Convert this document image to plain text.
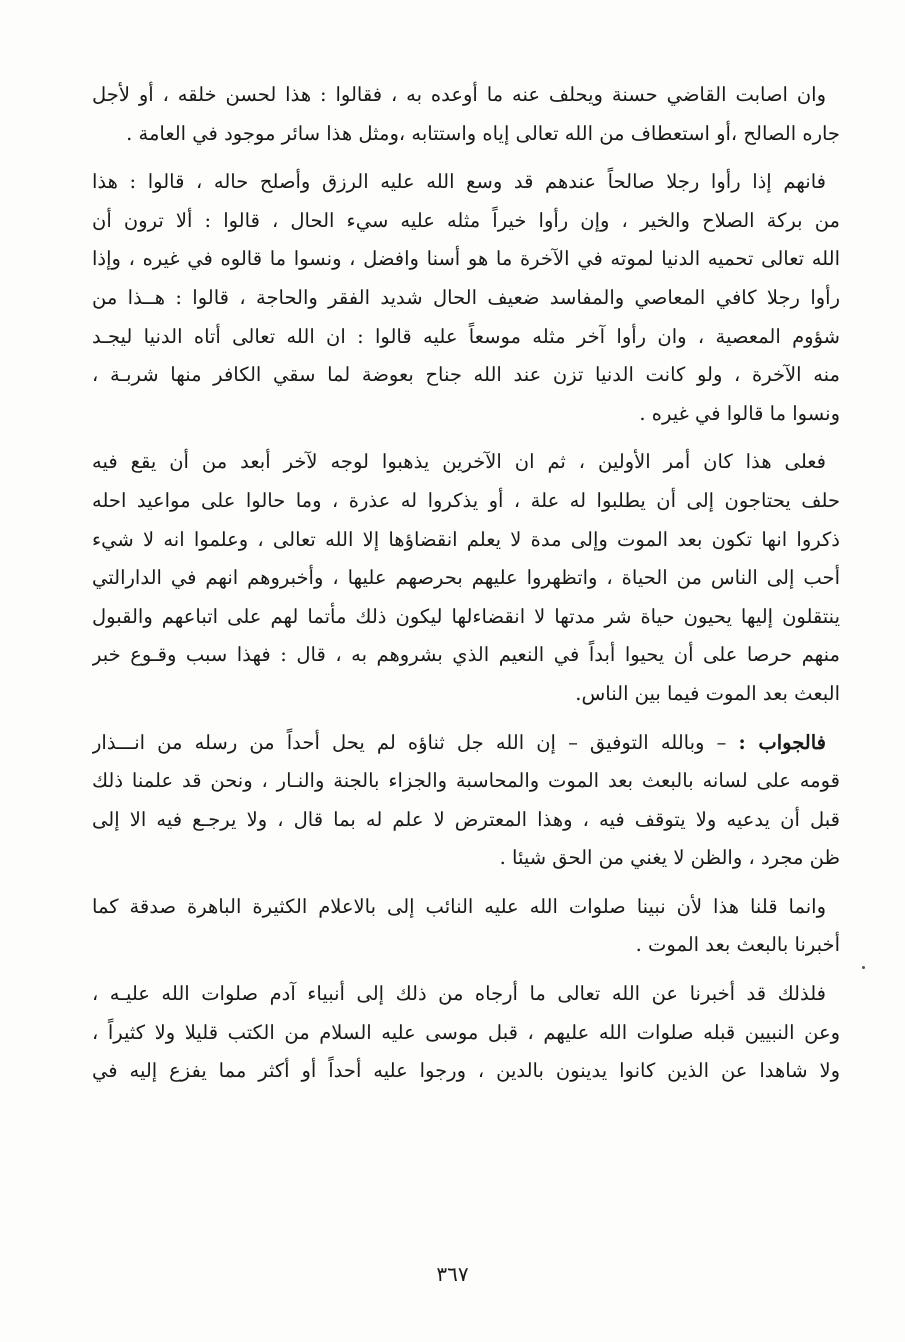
وان اصابت القاضي حسنة ويحلف عنه ما أوعده به ، فقالوا : هذا لحسن خلقه ، أو لأجل
جاره الصالح ،أو استعطاف من الله تعالى إياه واستتابه ،ومثل هذا سائر موجود في العامة .

فانهم إذا رأوا رجلا صالحاً عندهم قد وسع الله عليه الرزق وأصلح حاله ، قالوا : هذا
من بركة الصلاح والخير ، وإن رأوا خيراً مثله عليه سيء الحال ، قالوا : ألا ترون أن
الله تعالى تحميه الدنيا لموته في الآخرة ما هو أسنا وافضل ، ونسوا ما قالوه في غيره ، وإذا
رأوا رجلا كافي المعاصي والمفاسد ضعيف الحال شديد الفقر والحاجة ، قالوا : هــذا من
شؤوم المعصية ، وان رأوا آخر مثله موسعاً عليه قالوا : ان الله تعالى أتاه الدنيا ليجـد
منه الآخرة ، ولو كانت الدنيا تزن عند الله جناح بعوضة لما سقي الكافر منها شربـة ،
ونسوا ما قالوا في غيره .

فعلى هذا كان أمر الأولين ، ثم ان الآخرين يذهبوا لوجه لآخر أبعد من أن يقع فيه
حلف يحتاجون إلى أن يطلبوا له علة ، أو يذكروا له عذرة ، وما حالوا على مواعيد احله
ذكروا انها تكون بعد الموت وإلى مدة لا يعلم انقضاؤها إلا الله تعالى ، وعلموا انه لا شيء
أحب إلى الناس من الحياة ، واتظهروا عليهم بحرصهم عليها ، وأخبروهم انهم في الدارالتي
ينتقلون إليها يحيون حياة شر مدتها لا انقضاءلها ليكون ذلك مأتما لهم على اتباعهم والقبول
منهم حرصا على أن يحيوا أبداً في النعيم الذي بشروهم به ، قال : فهذا سبب وقـوع خبر
البعث بعد الموت فيما بين الناس.

فالجواب : – وبالله التوفيق – إن الله جل ثناؤه لم يحل أحداً من رسله من انـــذار
قومه على لسانه بالبعث بعد الموت والمحاسبة والجزاء بالجنة والنـار ، ونحن قد علمنا ذلك
قبل أن يدعيه ولا يتوقف فيه ، وهذا المعترض لا علم له بما قال ، ولا يرجـع فيه الا إلى
ظن مجرد ، والظن لا يغني من الحق شيئا .

وانما قلنا هذا لأن نبينا صلوات الله عليه النائب إلى بالاعلام الكثيرة الباهرة صدقة كما
أخبرنا بالبعث بعد الموت .

فلذلك قد أخبرنا عن الله تعالى ما أرجاه من ذلك إلى أنبياء آدم صلوات الله عليـه ،
وعن النبيين قبله صلوات الله عليهم ، قبل موسى عليه السلام من الكتب قليلا ولا كثيراً ،
ولا شاهدا عن الذين كانوا يدينون بالدين ، ورجوا عليه أحداً أو أكثر مما يفزع إليه في

٣٦٧
